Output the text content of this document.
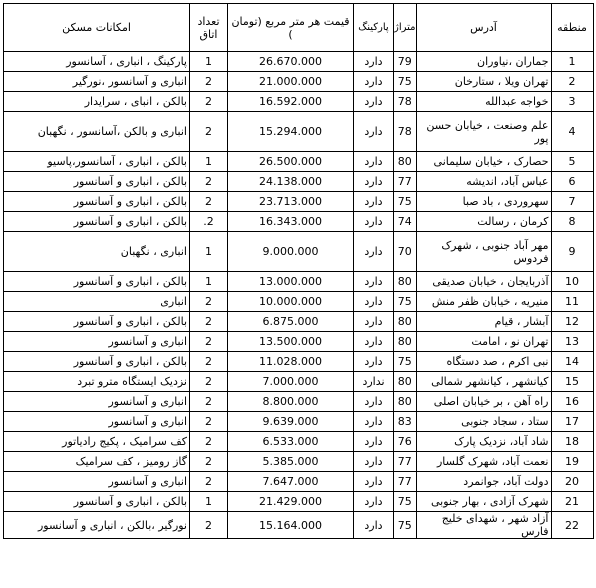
منطقه	آدرس	متراژ	پارکینگ	قیمت هر متر مربع (تومان )	تعداد اتاق	امکانات مسکن
1	جماران ،نیاوران	79	دارد	26.670.000	1	پارکینگ ، انباری ، آسانسور
2	تهران ویلا ، ستارخان	75	دارد	21.000.000	2	انباری و آسانسور ،نورگیر
3	خواجه عبدالله	78	دارد	16.592.000	2	بالکن ، انبای ، سرایدار
4	علم وصنعت ، خیابان حسن پور	78	دارد	15.294.000	2	انباری و بالکن ،آسانسور ، نگهبان
5	حصارک ، خیابان سلیمانی	80	دارد	26.500.000	1	بالکن ، انباری ، آسانسور،پاسیو
6	عباس آباد، اندیشه	77	دارد	24.138.000	2	بالکن ، انباری و آسانسور
7	سهروردی ، باد صبا	75	دارد	23.713.000	2	بالکن ، انباری و آسانسور
8	کرمان ، رسالت	74	دارد	16.343.000	2.	بالکن ، انباری و آسانسور
9	مهر آباد جنوبی ، شهرک فردوس	70	دارد	9.000.000	1	انباری ، نگهبان
10	آذربایجان ، خیابان صدیقی	80	دارد	13.000.000	1	بالکن ، انباری و آسانسور
11	منیریه ، خیابان ظفر منش	75	دارد	10.000.000	2	انباری
12	آبشار ، قیام	80	دارد	6.875.000	2	بالکن ، انباری و آسانسور
13	تهران نو ، امامت	80	دارد	13.500.000	2	انباری و آسانسور
14	نبی اکرم ، صد دستگاه	75	دارد	11.028.000	2	بالکن ، انباری و آسانسور
15	کیانشهر ، کیانشهر شمالی	80	ندارد	7.000.000	2	نزدیک ایستگاه مترو تبرد
16	راه آهن ، بر خیابان اصلی	80	دارد	8.800.000	2	انباری و آسانسور
17	ستاد ، سجاد جنوبی	83	دارد	9.639.000	2	انباری و آسانسور
18	شاد آباد، نزدیک پارک	76	دارد	6.533.000	2	کف سرامیک ، پکیج رادیاتور
19	نعمت آباد، شهرک گلسار	77	دارد	5.385.000	2	گاز رومیز ، کف سرامیک
20	دولت آباد، جوانمرد	77	دارد	7.647.000	2	انباری و آسانسور
21	شهرک آزادی ، بهار جنوبی	75	دارد	21.429.000	1	بالکن ، انباری و آسانسور
22	آزاد شهر ، شهدای خلیج فارس	75	دارد	15.164.000	2	نورگیر ،بالکن ، انباری و آسانسور
